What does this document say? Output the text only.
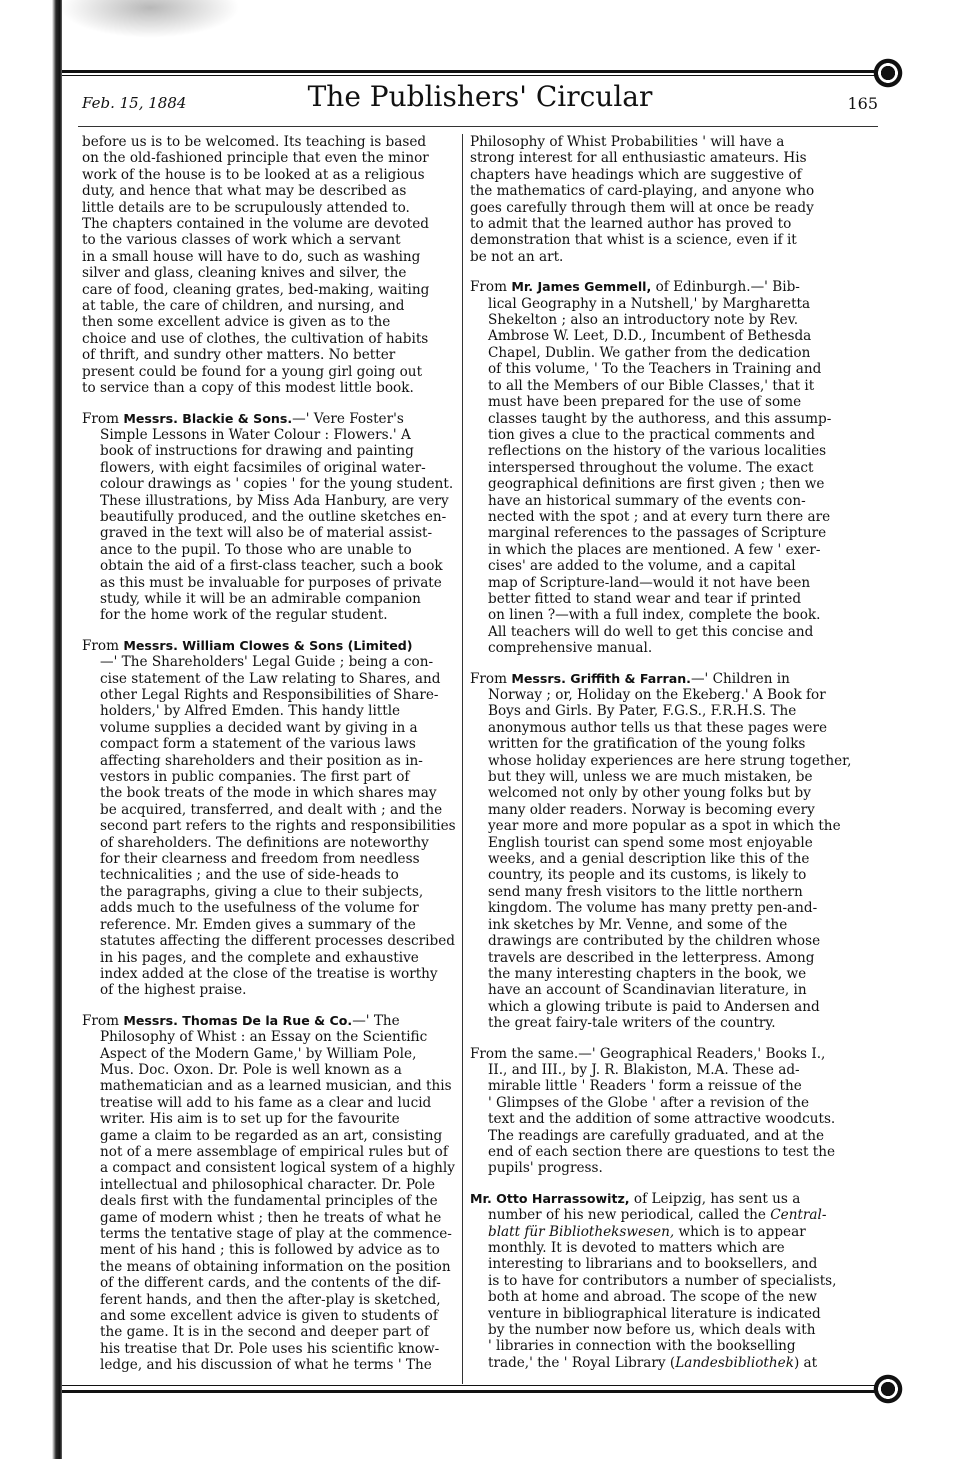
Feb. 15, 1884	The Publishers' Circular	165

before us is to be welcomed. Its teaching is based
on the old-fashioned principle that even the minor
work of the house is to be looked at as a religious
duty, and hence that what may be described as
little details are to be scrupulously attended to.
The chapters contained in the volume are devoted
to the various classes of work which a servant
in a small house will have to do, such as washing
silver and glass, cleaning knives and silver, the
care of food, cleaning grates, bed-making, waiting
at table, the care of children, and nursing, and
then some excellent advice is given as to the
choice and use of clothes, the cultivation of habits
of thrift, and sundry other matters. No better
present could be found for a young girl going out
to service than a copy of this modest little book.

From Messrs. Blackie & Sons.—' Vere Foster's
Simple Lessons in Water Colour : Flowers.' A
book of instructions for drawing and painting
flowers, with eight facsimiles of original water-
colour drawings as ' copies ' for the young student.
These illustrations, by Miss Ada Hanbury, are very
beautifully produced, and the outline sketches en-
graved in the text will also be of material assist-
ance to the pupil. To those who are unable to
obtain the aid of a first-class teacher, such a book
as this must be invaluable for purposes of private
study, while it will be an admirable companion
for the home work of the regular student.

From Messrs. William Clowes & Sons (Limited)
—' The Shareholders' Legal Guide ; being a con-
cise statement of the Law relating to Shares, and
other Legal Rights and Responsibilities of Share-
holders,' by Alfred Emden. This handy little
volume supplies a decided want by giving in a
compact form a statement of the various laws
affecting shareholders and their position as in-
vestors in public companies. The first part of
the book treats of the mode in which shares may
be acquired, transferred, and dealt with ; and the
second part refers to the rights and responsibilities
of shareholders. The definitions are noteworthy
for their clearness and freedom from needless
technicalities ; and the use of side-heads to
the paragraphs, giving a clue to their subjects,
adds much to the usefulness of the volume for
reference. Mr. Emden gives a summary of the
statutes affecting the different processes described
in his pages, and the complete and exhaustive
index added at the close of the treatise is worthy
of the highest praise.

From Messrs. Thomas De la Rue & Co.—' The
Philosophy of Whist : an Essay on the Scientific
Aspect of the Modern Game,' by William Pole,
Mus. Doc. Oxon. Dr. Pole is well known as a
mathematician and as a learned musician, and this
treatise will add to his fame as a clear and lucid
writer. His aim is to set up for the favourite
game a claim to be regarded as an art, consisting
not of a mere assemblage of empirical rules but of
a compact and consistent logical system of a highly
intellectual and philosophical character. Dr. Pole
deals first with the fundamental principles of the
game of modern whist ; then he treats of what he
terms the tentative stage of play at the commence-
ment of his hand ; this is followed by advice as to
the means of obtaining information on the position
of the different cards, and the contents of the dif-
ferent hands, and then the after-play is sketched,
and some excellent advice is given to students of
the game. It is in the second and deeper part of
his treatise that Dr. Pole uses his scientific know-
ledge, and his discussion of what he terms ' The

Philosophy of Whist Probabilities ' will have a
strong interest for all enthusiastic amateurs. His
chapters have headings which are suggestive of
the mathematics of card-playing, and anyone who
goes carefully through them will at once be ready
to admit that the learned author has proved to
demonstration that whist is a science, even if it
be not an art.

From Mr. James Gemmell, of Edinburgh.—' Bib-
lical Geography in a Nutshell,' by Margharetta
Shekelton ; also an introductory note by Rev.
Ambrose W. Leet, D.D., Incumbent of Bethesda
Chapel, Dublin. We gather from the dedication
of this volume, ' To the Teachers in Training and
to all the Members of our Bible Classes,' that it
must have been prepared for the use of some
classes taught by the authoress, and this assump-
tion gives a clue to the practical comments and
reflections on the history of the various localities
interspersed throughout the volume. The exact
geographical definitions are first given ; then we
have an historical summary of the events con-
nected with the spot ; and at every turn there are
marginal references to the passages of Scripture
in which the places are mentioned. A few ' exer-
cises' are added to the volume, and a capital
map of Scripture-land—would it not have been
better fitted to stand wear and tear if printed
on linen ?—with a full index, complete the book.
All teachers will do well to get this concise and
comprehensive manual.

From Messrs. Griffith & Farran.—' Children in
Norway ; or, Holiday on the Ekeberg.' A Book for
Boys and Girls. By Pater, F.G.S., F.R.H.S. The
anonymous author tells us that these pages were
written for the gratification of the young folks
whose holiday experiences are here strung together,
but they will, unless we are much mistaken, be
welcomed not only by other young folks but by
many older readers. Norway is becoming every
year more and more popular as a spot in which the
English tourist can spend some most enjoyable
weeks, and a genial description like this of the
country, its people and its customs, is likely to
send many fresh visitors to the little northern
kingdom. The volume has many pretty pen-and-
ink sketches by Mr. Venne, and some of the
drawings are contributed by the children whose
travels are described in the letterpress. Among
the many interesting chapters in the book, we
have an account of Scandinavian literature, in
which a glowing tribute is paid to Andersen and
the great fairy-tale writers of the country.

From the same.—' Geographical Readers,' Books I.,
II., and III., by J. R. Blakiston, M.A. These ad-
mirable little ' Readers ' form a reissue of the
' Glimpses of the Globe ' after a revision of the
text and the addition of some attractive woodcuts.
The readings are carefully graduated, and at the
end of each section there are questions to test the
pupils' progress.

Mr. Otto Harrassowitz, of Leipzig, has sent us a
number of his new periodical, called the Central-
blatt für Bibliothekswesen, which is to appear
monthly. It is devoted to matters which are
interesting to librarians and to booksellers, and
is to have for contributors a number of specialists,
both at home and abroad. The scope of the new
venture in bibliographical literature is indicated
by the number now before us, which deals with
' libraries in connection with the bookselling
trade,' the ' Royal Library (Landesbibliothek) at
